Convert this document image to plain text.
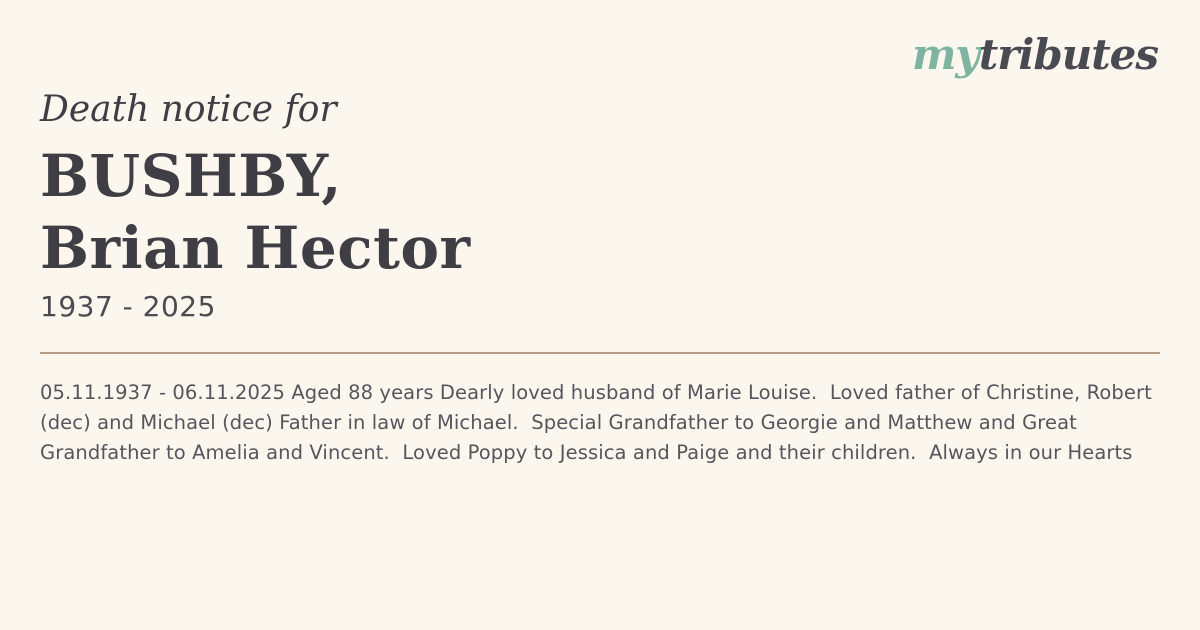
mytributes
Death notice for
BUSHBY,
Brian Hector
1937 - 2025

05.11.1937 - 06.11.2025 Aged 88 years Dearly loved husband of Marie Louise.  Loved father of Christine, Robert (dec) and Michael (dec) Father in law of Michael.  Special Grandfather to Georgie and Matthew and Great Grandfather to Amelia and Vincent.  Loved Poppy to Jessica and Paige and their children.  Always in our Hearts
